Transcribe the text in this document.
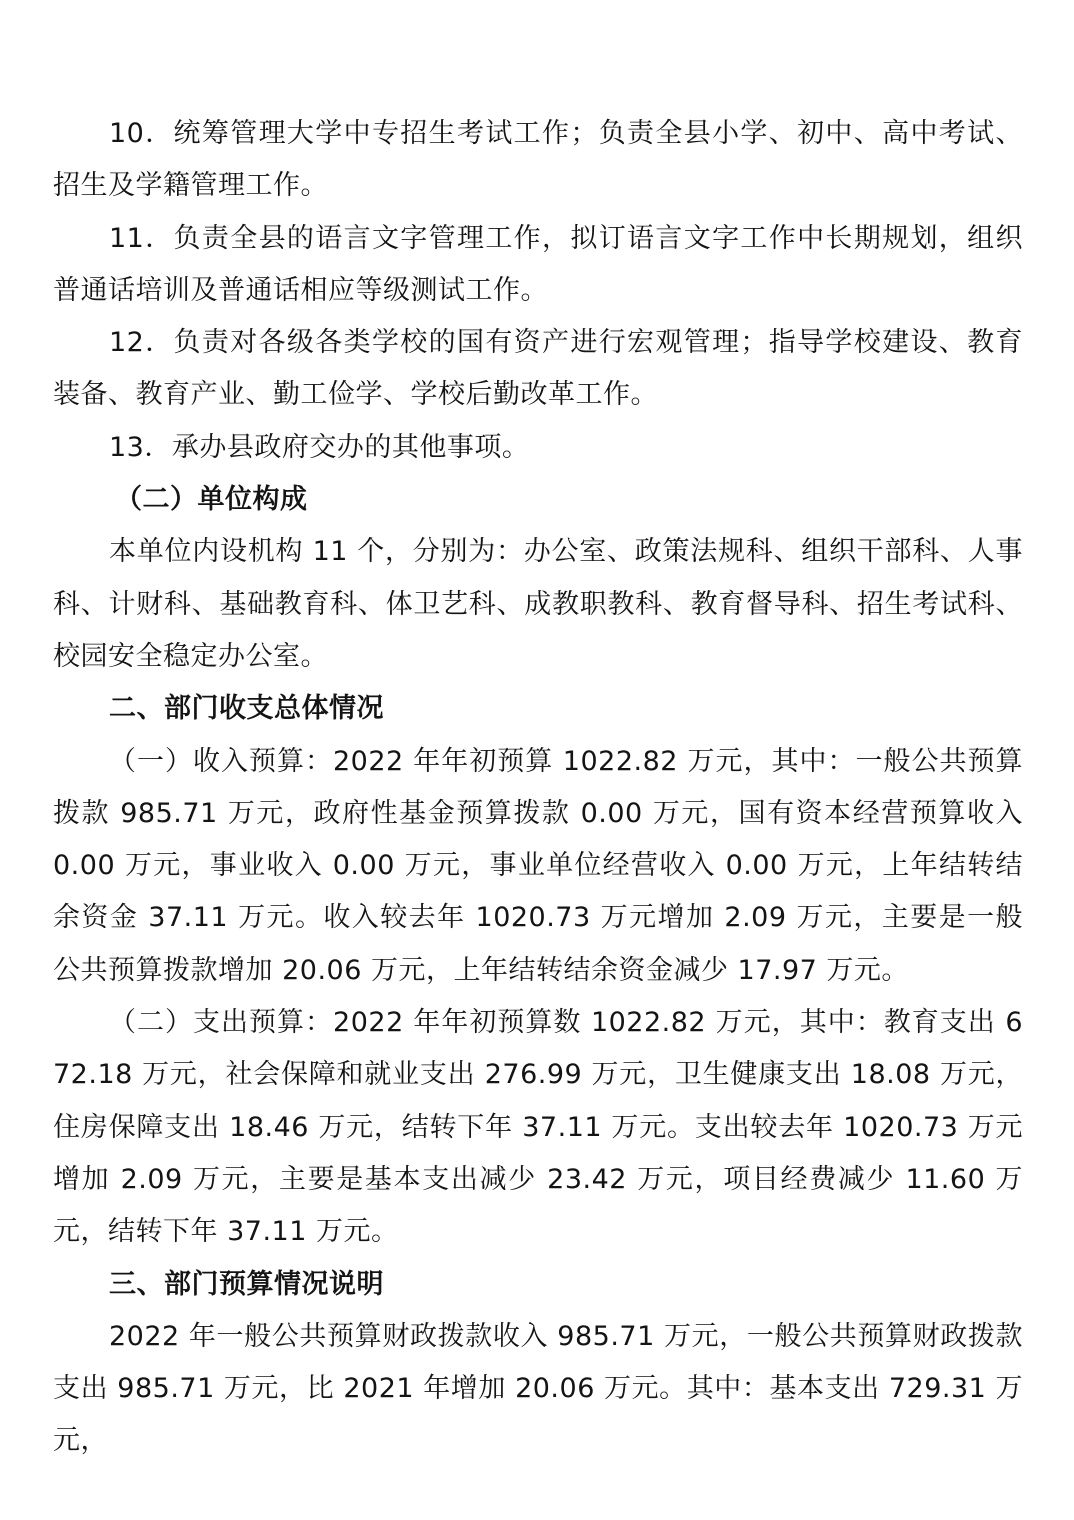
10．统筹管理大学中专招生考试工作；负责全县小学、初中、高中考试、招生及学籍管理工作。

11．负责全县的语言文字管理工作，拟订语言文字工作中长期规划，组织普通话培训及普通话相应等级测试工作。

12．负责对各级各类学校的国有资产进行宏观管理；指导学校建设、教育装备、教育产业、勤工俭学、学校后勤改革工作。

13．承办县政府交办的其他事项。

（二）单位构成

本单位内设机构 11 个，分别为：办公室、政策法规科、组织干部科、人事科、计财科、基础教育科、体卫艺科、成教职教科、教育督导科、招生考试科、校园安全稳定办公室。

二、部门收支总体情况

（一）收入预算：2022 年年初预算 1022.82 万元，其中：一般公共预算拨款 985.71 万元，政府性基金预算拨款 0.00 万元，国有资本经营预算收入 0.00 万元，事业收入 0.00 万元，事业单位经营收入 0.00 万元，上年结转结余资金 37.11 万元。收入较去年 1020.73 万元增加 2.09 万元，主要是一般公共预算拨款增加 20.06 万元，上年结转结余资金减少 17.97 万元。

（二）支出预算：2022 年年初预算数 1022.82 万元，其中：教育支出 672.18 万元，社会保障和就业支出 276.99 万元，卫生健康支出 18.08 万元，住房保障支出 18.46 万元，结转下年 37.11 万元。支出较去年 1020.73 万元增加 2.09 万元，主要是基本支出减少 23.42 万元，项目经费减少 11.60 万元，结转下年 37.11 万元。

三、部门预算情况说明

2022 年一般公共预算财政拨款收入 985.71 万元，一般公共预算财政拨款支出 985.71 万元，比 2021 年增加 20.06 万元。其中：基本支出 729.31 万元，
